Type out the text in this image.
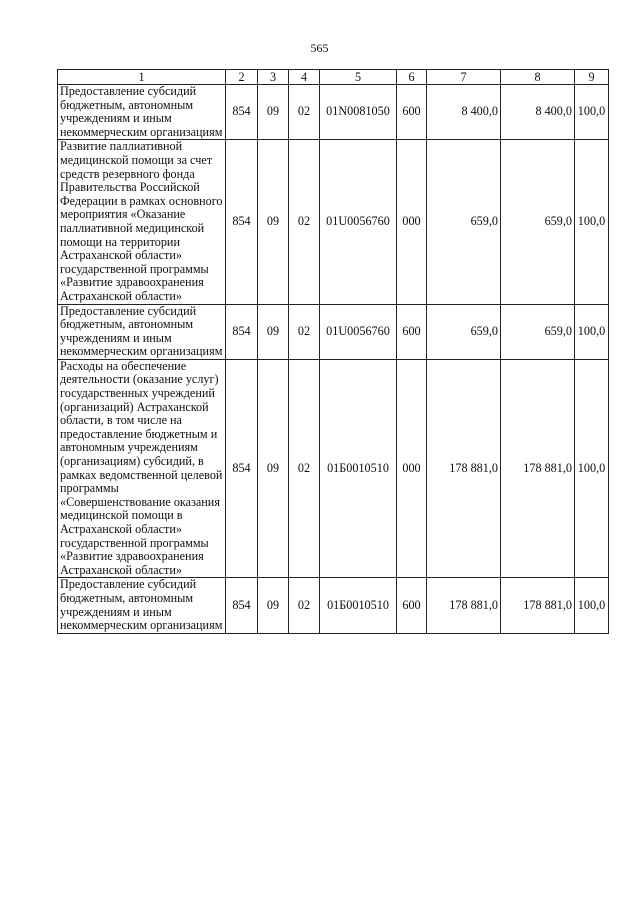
565
1	2	3	4	5	6	7	8	9
Предоставление субсидий бюджетным, автономным учреждениям и иным некоммерческим организациям	854	09	02	01N0081050	600	8 400,0	8 400,0	100,0
Развитие паллиативной медицинской помощи за счет средств резервного фонда Правительства Российской Федерации в рамках основного мероприятия «Оказание паллиативной медицинской помощи на территории Астраханской области» государственной программы «Развитие здравоохранения Астраханской области»	854	09	02	01U0056760	000	659,0	659,0	100,0
Предоставление субсидий бюджетным, автономным учреждениям и иным некоммерческим организациям	854	09	02	01U0056760	600	659,0	659,0	100,0
Расходы на обеспечение деятельности (оказание услуг) государственных учреждений (организаций) Астраханской области, в том числе на предоставление бюджетным и автономным учреждениям (организациям) субсидий, в рамках ведомственной целевой программы «Совершенствование оказания медицинской помощи в Астраханской области» государственной программы «Развитие здравоохранения Астраханской области»	854	09	02	01Б0010510	000	178 881,0	178 881,0	100,0
Предоставление субсидий бюджетным, автономным учреждениям и иным некоммерческим организациям	854	09	02	01Б0010510	600	178 881,0	178 881,0	100,0
